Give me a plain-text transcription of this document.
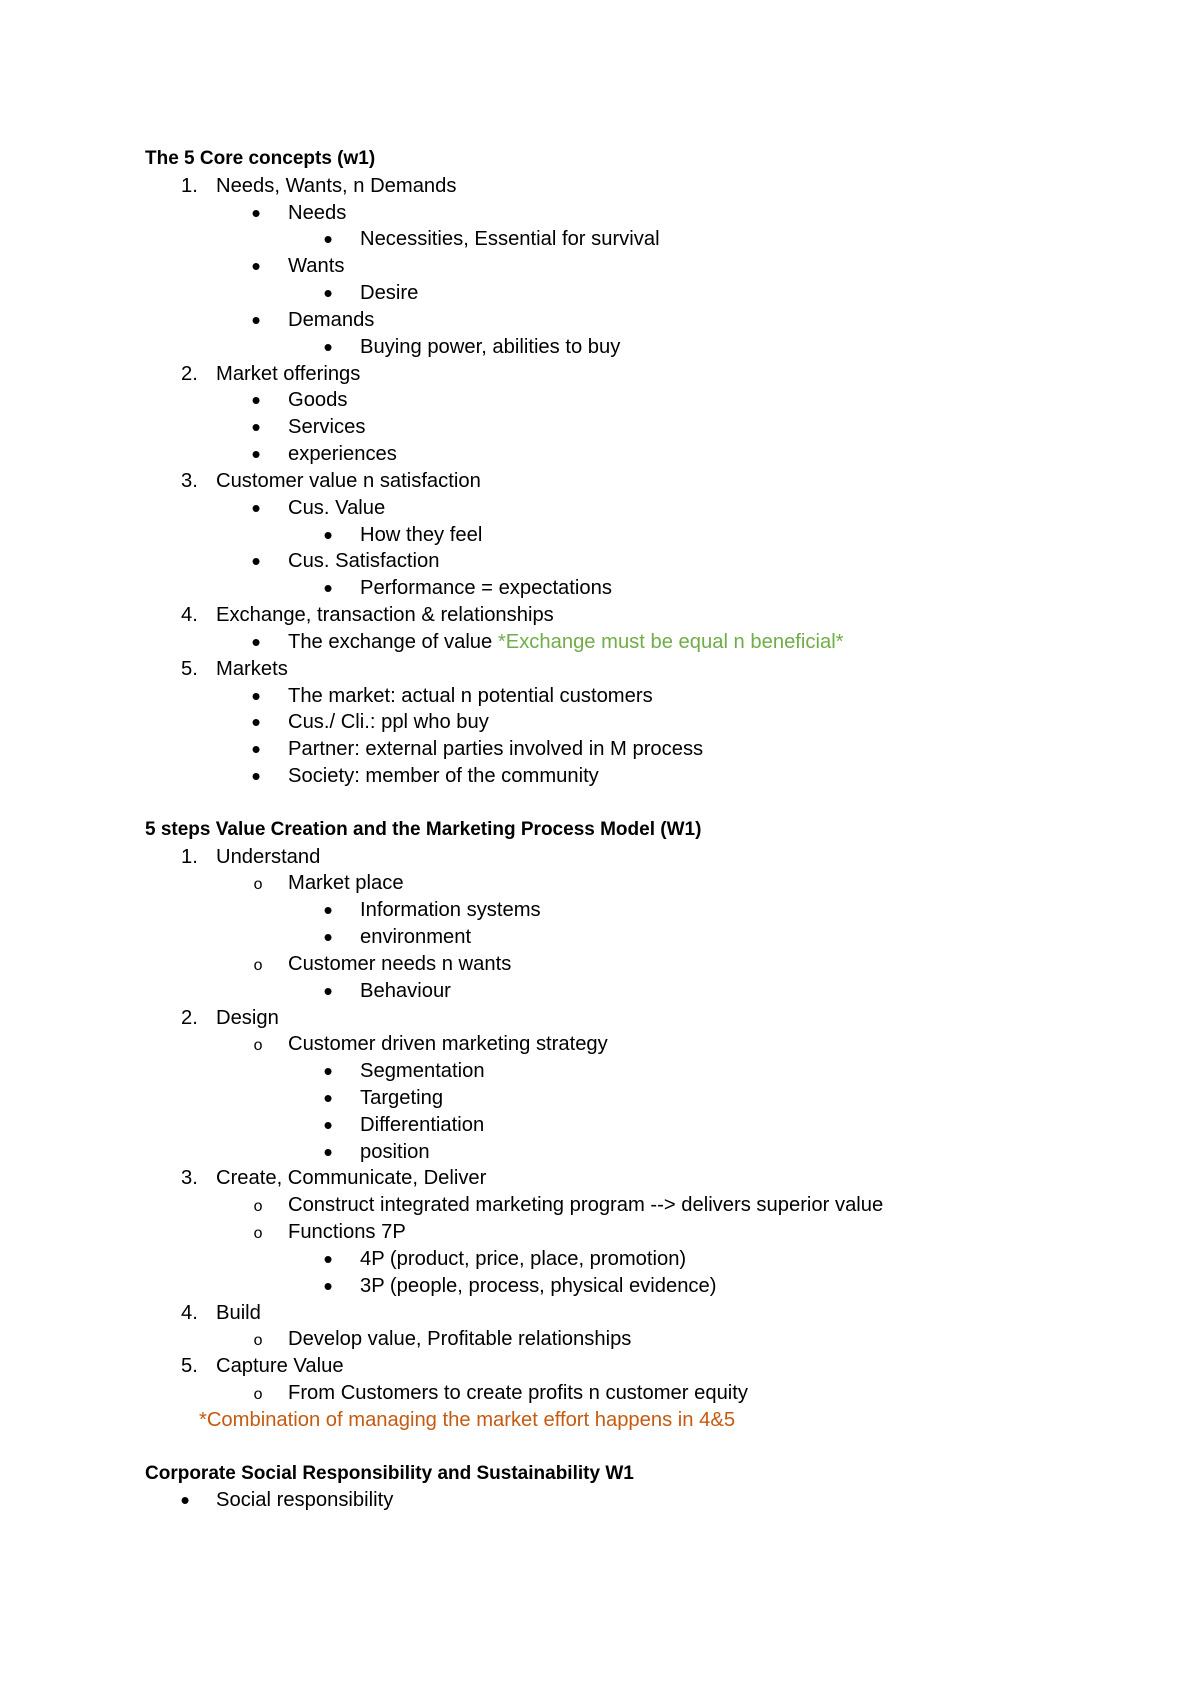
The 5 Core concepts (w1)
1. Needs, Wants, n Demands
• Needs
• Necessities, Essential for survival
• Wants
• Desire
• Demands
• Buying power, abilities to buy
2. Market offerings
• Goods
• Services
• experiences
3. Customer value n satisfaction
• Cus. Value
• How they feel
• Cus. Satisfaction
• Performance = expectations
4. Exchange, transaction & relationships
• The exchange of value *Exchange must be equal n beneficial*
5. Markets
• The market: actual n potential customers
• Cus./ Cli.: ppl who buy
• Partner: external parties involved in M process
• Society: member of the community
5 steps Value Creation and the Marketing Process Model (W1)
1. Understand
o Market place
• Information systems
• environment
o Customer needs n wants
• Behaviour
2. Design
o Customer driven marketing strategy
• Segmentation
• Targeting
• Differentiation
• position
3. Create, Communicate, Deliver
o Construct integrated marketing program --> delivers superior value
o Functions 7P
• 4P (product, price, place, promotion)
• 3P (people, process, physical evidence)
4. Build
o Develop value, Profitable relationships
5. Capture Value
o From Customers to create profits n customer equity
*Combination of managing the market effort happens in 4&5
Corporate Social Responsibility and Sustainability W1
• Social responsibility
